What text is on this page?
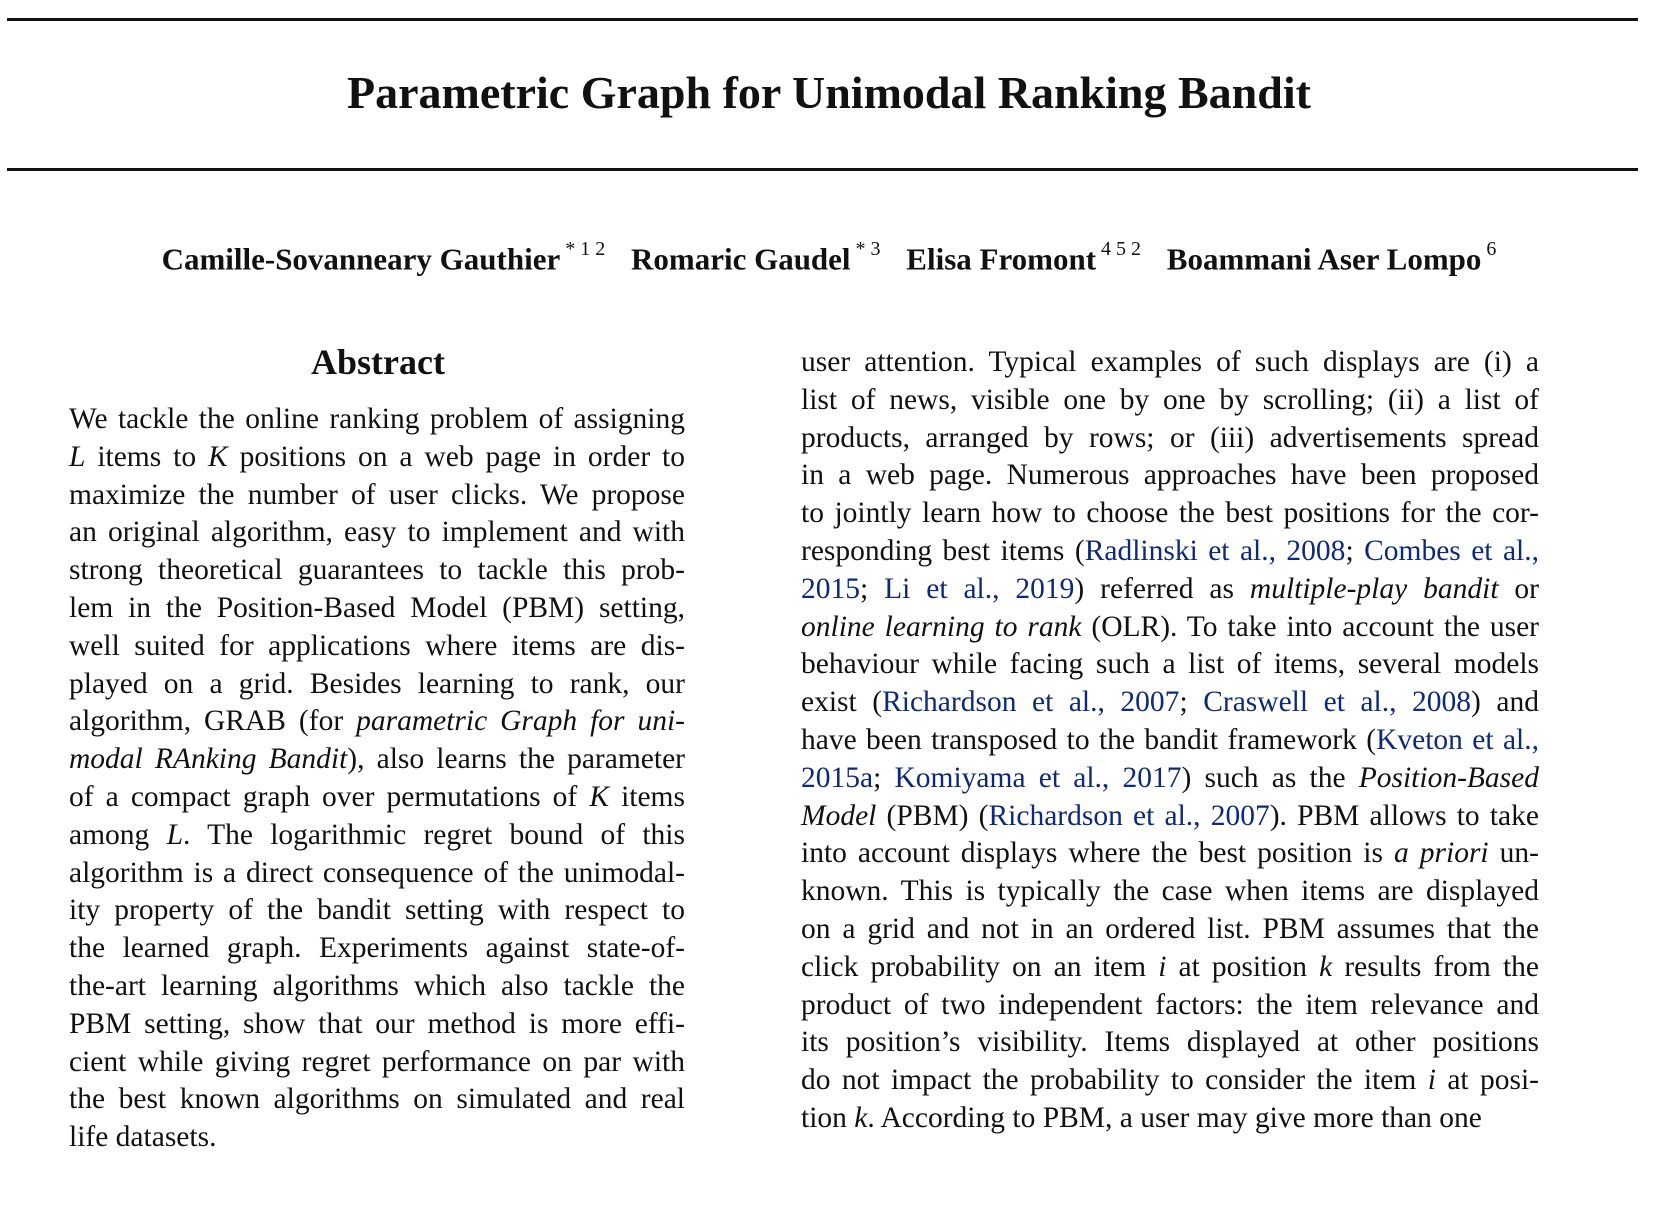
Parametric Graph for Unimodal Ranking Bandit
Camille-Sovanneary Gauthier $^{* 1 2}$ Romaric Gaudel $^{* 3}$ Elisa Fromont $^{4 5 2}$ Boammani Aser Lompo $^6$
Abstract
We tackle the online ranking problem of assigning
L items to K positions on a web page in order to
maximize the number of user clicks. We propose
an original algorithm, easy to implement and with
strong theoretical guarantees to tackle this prob-
lem in the Position-Based Model (PBM) setting,
well suited for applications where items are dis-
played on a grid. Besides learning to rank, our
algorithm, GRAB (for parametric Graph for uni-
modal RAnking Bandit), also learns the parameter
of a compact graph over permutations of K items
among L. The logarithmic regret bound of this
algorithm is a direct consequence of the unimodal-
ity property of the bandit setting with respect to
the learned graph. Experiments against state-of-
the-art learning algorithms which also tackle the
PBM setting, show that our method is more effi-
cient while giving regret performance on par with
the best known algorithms on simulated and real
life datasets.
user attention. Typical examples of such displays are (i) a
list of news, visible one by one by scrolling; (ii) a list of
products, arranged by rows; or (iii) advertisements spread
in a web page. Numerous approaches have been proposed
to jointly learn how to choose the best positions for the cor-
responding best items (Radlinski et al., 2008; Combes et al.,
2015; Li et al., 2019) referred as multiple-play bandit or
online learning to rank (OLR). To take into account the user
behaviour while facing such a list of items, several models
exist (Richardson et al., 2007; Craswell et al., 2008) and
have been transposed to the bandit framework (Kveton et al.,
2015a; Komiyama et al., 2017) such as the Position-Based
Model (PBM) (Richardson et al., 2007). PBM allows to take
into account displays where the best position is a priori un-
known. This is typically the case when items are displayed
on a grid and not in an ordered list. PBM assumes that the
click probability on an item i at position k results from the
product of two independent factors: the item relevance and
its position’s visibility. Items displayed at other positions
do not impact the probability to consider the item i at posi-
tion k. According to PBM, a user may give more than one
